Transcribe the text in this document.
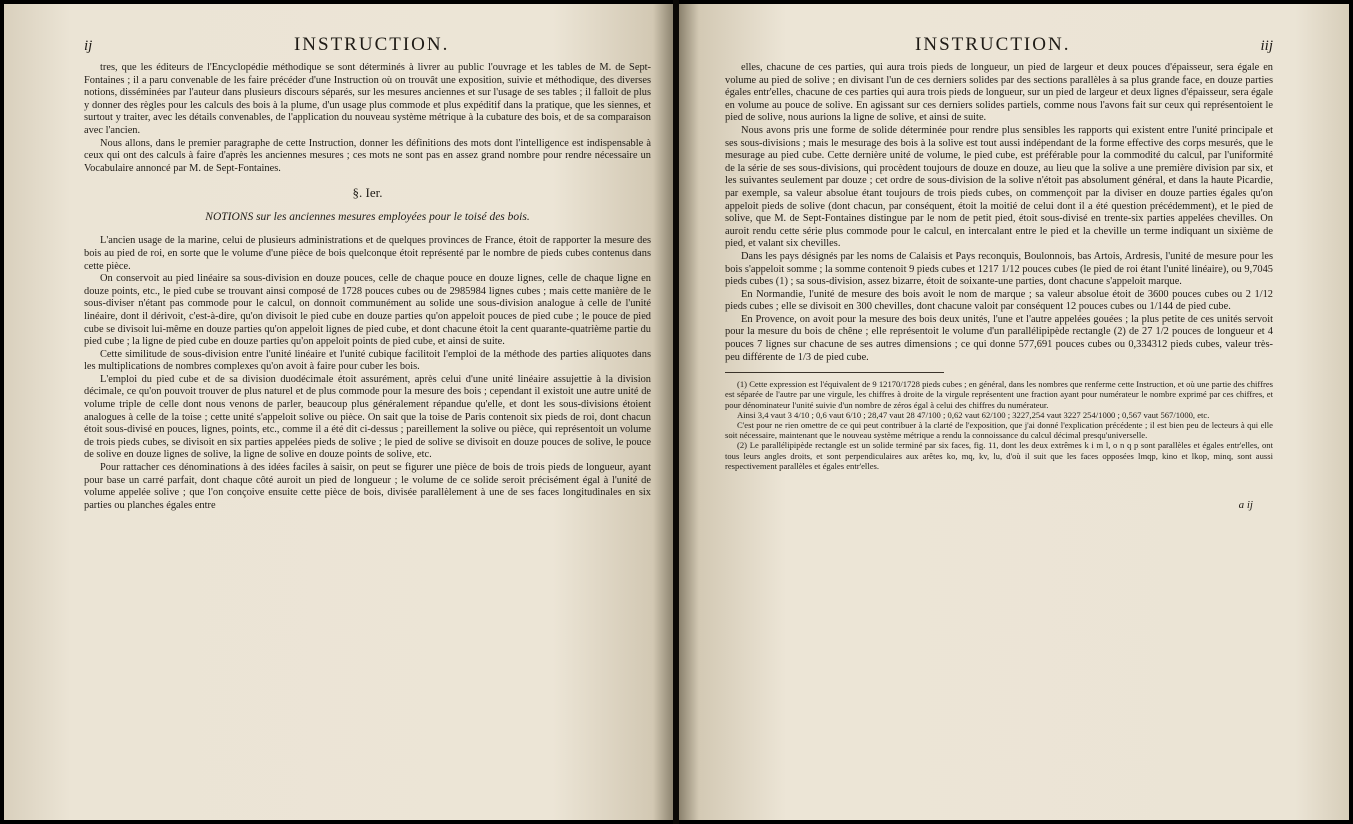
ij	INSTRUCTION.

tres, que les éditeurs de l'Encyclopédie méthodique se sont déterminés à livrer au public l'ouvrage et les tables de M. de Sept-Fontaines ; il a paru convenable de les faire précéder d'une Instruction où on trouvât une exposition, suivie et méthodique, des diverses notions, disséminées par l'auteur dans plusieurs discours séparés, sur les mesures anciennes et sur l'usage de ses tables ; il falloit de plus y donner des règles pour les calculs des bois à la plume, d'un usage plus commode et plus expéditif dans la pratique, que les siennes, et surtout y traiter, avec les détails convenables, de l'application du nouveau système métrique à la cubature des bois, et de sa comparaison avec l'ancien.

Nous allons, dans le premier paragraphe de cette Instruction, donner les définitions des mots dont l'intelligence est indispensable à ceux qui ont des calculs à faire d'après les anciennes mesures ; ces mots ne sont pas en assez grand nombre pour rendre nécessaire un Vocabulaire annoncé par M. de Sept-Fontaines.

§. Ier.
NOTIONS sur les anciennes mesures employées pour le toisé des bois.

L'ancien usage de la marine, celui de plusieurs administrations et de quelques provinces de France, étoit de rapporter la mesure des bois au pied de roi, en sorte que le volume d'une pièce de bois quelconque étoit représenté par le nombre de pieds cubes contenus dans cette pièce.

On conservoit au pied linéaire sa sous-division en douze pouces, celle de chaque pouce en douze lignes, celle de chaque ligne en douze points, etc., le pied cube se trouvant ainsi composé de 1728 pouces cubes ou de 2985984 lignes cubes ; mais cette manière de le sous-diviser n'étant pas commode pour le calcul, on donnoit communément au solide une sous-division analogue à celle de l'unité linéaire, dont il dérivoit, c'est-à-dire, qu'on divisoit le pied cube en douze parties qu'on appeloit pouces de pied cube ; le pouce de pied cube se divisoit lui-même en douze parties qu'on appeloit lignes de pied cube, et dont chacune étoit la cent quarante-quatrième partie du pied cube ; la ligne de pied cube en douze parties qu'on appeloit points de pied cube, et ainsi de suite.

Cette similitude de sous-division entre l'unité linéaire et l'unité cubique facilitoit l'emploi de la méthode des parties aliquotes dans les multiplications de nombres complexes qu'on avoit à faire pour cuber les bois.

L'emploi du pied cube et de sa division duodécimale étoit assurément, après celui d'une unité linéaire assujettie à la division décimale, ce qu'on pouvoit trouver de plus naturel et de plus commode pour la mesure des bois ; cependant il existoit une autre unité de volume triple de celle dont nous venons de parler, beaucoup plus généralement répandue qu'elle, et dont les sous-divisions étoient analogues à celle de la toise ; cette unité s'appeloit solive ou pièce. On sait que la toise de Paris contenoit six pieds de roi, dont chacun étoit sous-divisé en pouces, lignes, points, etc., comme il a été dit ci-dessus ; pareillement la solive ou pièce, qui représentoit un volume de trois pieds cubes, se divisoit en six parties appelées pieds de solive ; le pied de solive se divisoit en douze pouces de solive, le pouce de solive en douze lignes de solive, la ligne de solive en douze points de solive, etc.

Pour rattacher ces dénominations à des idées faciles à saisir, on peut se figurer une pièce de bois de trois pieds de longueur, ayant pour base un carré parfait, dont chaque côté auroit un pied de longueur ; le volume de ce solide seroit précisément égal à l'unité de volume appelée solive ; que l'on conçoive ensuite cette pièce de bois, divisée parallèlement à une de ses faces longitudinales en six parties ou planches égales entre

INSTRUCTION.	iij

elles, chacune de ces parties, qui aura trois pieds de longueur, un pied de largeur et deux pouces d'épaisseur, sera égale en volume au pied de solive ; en divisant l'un de ces derniers solides par des sections parallèles à sa plus grande face, en douze parties égales entr'elles, chacune de ces parties qui aura trois pieds de longueur, sur un pied de largeur et deux lignes d'épaisseur, sera égale en volume au pouce de solive. En agissant sur ces derniers solides partiels, comme nous l'avons fait sur ceux qui représentoient le pied de solive, nous aurions la ligne de solive, et ainsi de suite.

Nous avons pris une forme de solide déterminée pour rendre plus sensibles les rapports qui existent entre l'unité principale et ses sous-divisions ; mais le mesurage des bois à la solive est tout aussi indépendant de la forme effective des corps mesurés, que le mesurage au pied cube. Cette dernière unité de volume, le pied cube, est préférable pour la commodité du calcul, par l'uniformité de la série de ses sous-divisions, qui procèdent toujours de douze en douze, au lieu que la solive a une première division par six, et les suivantes seulement par douze ; cet ordre de sous-division de la solive n'étoit pas absolument général, et dans la haute Picardie, par exemple, sa valeur absolue étant toujours de trois pieds cubes, on commençoit par la diviser en douze parties égales qu'on appeloit pieds de solive (dont chacun, par conséquent, étoit la moitié de celui dont il a été question précédemment), et le pied de solive, que M. de Sept-Fontaines distingue par le nom de petit pied, étoit sous-divisé en trente-six parties appelées chevilles. On auroit rendu cette série plus commode pour le calcul, en intercalant entre le pied et la cheville un terme indiquant un sixième de pied, et valant six chevilles.

Dans les pays désignés par les noms de Calaisis et Pays reconquis, Boulonnois, bas Artois, Ardresis, l'unité de mesure pour les bois s'appeloit somme ; la somme contenoit 9 pieds cubes et 1217 1/12 pouces cubes (le pied de roi étant l'unité linéaire), ou 9,7045 pieds cubes (1) ; sa sous-division, assez bizarre, étoit de soixante-une parties, dont chacune s'appeloit marque.

En Normandie, l'unité de mesure des bois avoit le nom de marque ; sa valeur absolue étoit de 3600 pouces cubes ou 2 1/12 pieds cubes ; elle se divisoit en 300 chevilles, dont chacune valoit par conséquent 12 pouces cubes ou 1/144 de pied cube.

En Provence, on avoit pour la mesure des bois deux unités, l'une et l'autre appelées gouées ; la plus petite de ces unités servoit pour la mesure du bois de chêne ; elle représentoit le volume d'un parallélipipède rectangle (2) de 27 1/2 pouces de longueur et 4 pouces 7 lignes sur chacune de ses autres dimensions ; ce qui donne 577,691 pouces cubes ou 0,334312 pieds cubes, valeur très-peu différente de 1/3 de pied cube.

(1) Cette expression est l'équivalent de 9 12170/1728 pieds cubes ; en général, dans les nombres que renferme cette Instruction, et où une partie des chiffres est séparée de l'autre par une virgule, les chiffres à droite de la virgule représentent une fraction ayant pour numérateur le nombre exprimé par ces chiffres, et pour dénominateur l'unité suivie d'un nombre de zéros égal à celui des chiffres du numérateur.

Ainsi 3,4 vaut 3 4/10 ; 0,6 vaut 6/10 ; 28,47 vaut 28 47/100 ; 0,62 vaut 62/100 ; 3227,254 vaut 3227 254/1000 ; 0,567 vaut 567/1000, etc.

C'est pour ne rien omettre de ce qui peut contribuer à la clarté de l'exposition, que j'ai donné l'explication précédente ; il est bien peu de lecteurs à qui elle soit nécessaire, maintenant que le nouveau système métrique a rendu la connoissance du calcul décimal presqu'universelle.

(2) Le parallélipipède rectangle est un solide terminé par six faces, fig. 11, dont les deux extrêmes k i m l, o n q p sont parallèles et égales entr'elles, ont tous leurs angles droits, et sont perpendiculaires aux arêtes ko, mq, kv, lu, d'où il suit que les faces opposées lmqp, kino et lkop, minq, sont aussi respectivement parallèles et égales entr'elles.

a ij
